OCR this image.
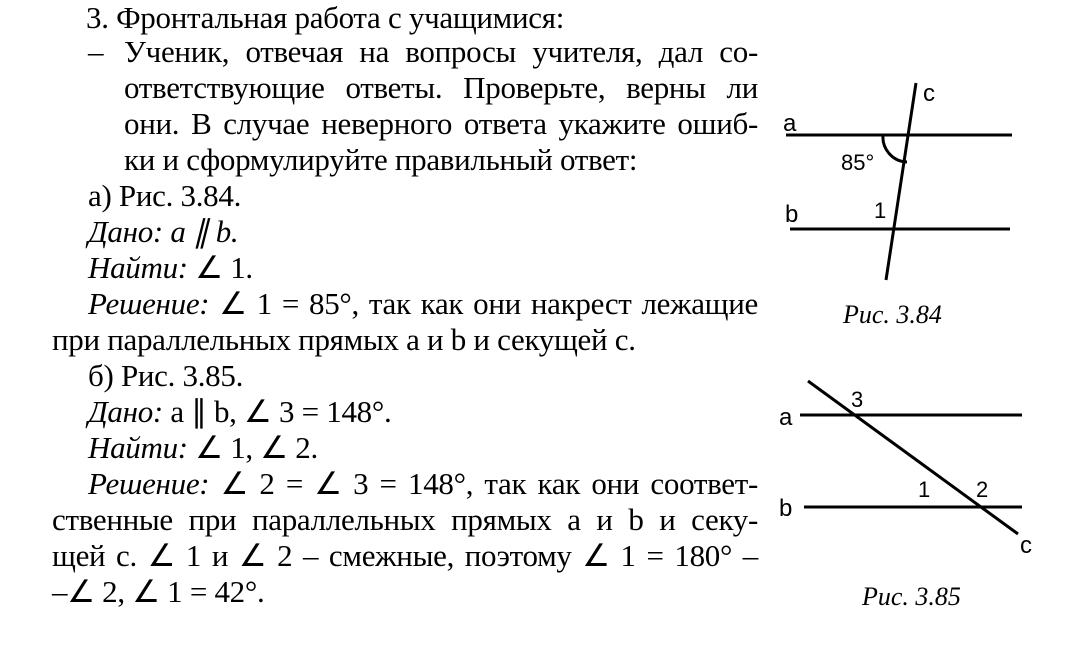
3. Фронтальная работа с учащимися:
– Ученик, отвечая на вопросы учителя, дал со-
ответствующие ответы. Проверьте, верны ли
они. В случае неверного ответа укажите ошиб-
ки и сформулируйте правильный ответ:
а) Рис. 3.84.
Дано: a ∥ b.
Найти: ∠ 1.
Решение: ∠ 1 = 85°, так как они накрест лежащие
при параллельных прямых a и b и секущей c.
б) Рис. 3.85.
Дано: a ∥ b, ∠ 3 = 148°.
Найти: ∠ 1, ∠ 2.
Решение: ∠ 2 = ∠ 3 = 148°, так как они соответ-
ственные при параллельных прямых a и b и секу-
щей c. ∠ 1 и ∠ 2 – смежные, поэтому ∠ 1 = 180° –
–∠ 2, ∠ 1 = 42°.
a
c
b
85°
1
a
b
c
3
1 2
Рис. 3.84
Рис. 3.85
